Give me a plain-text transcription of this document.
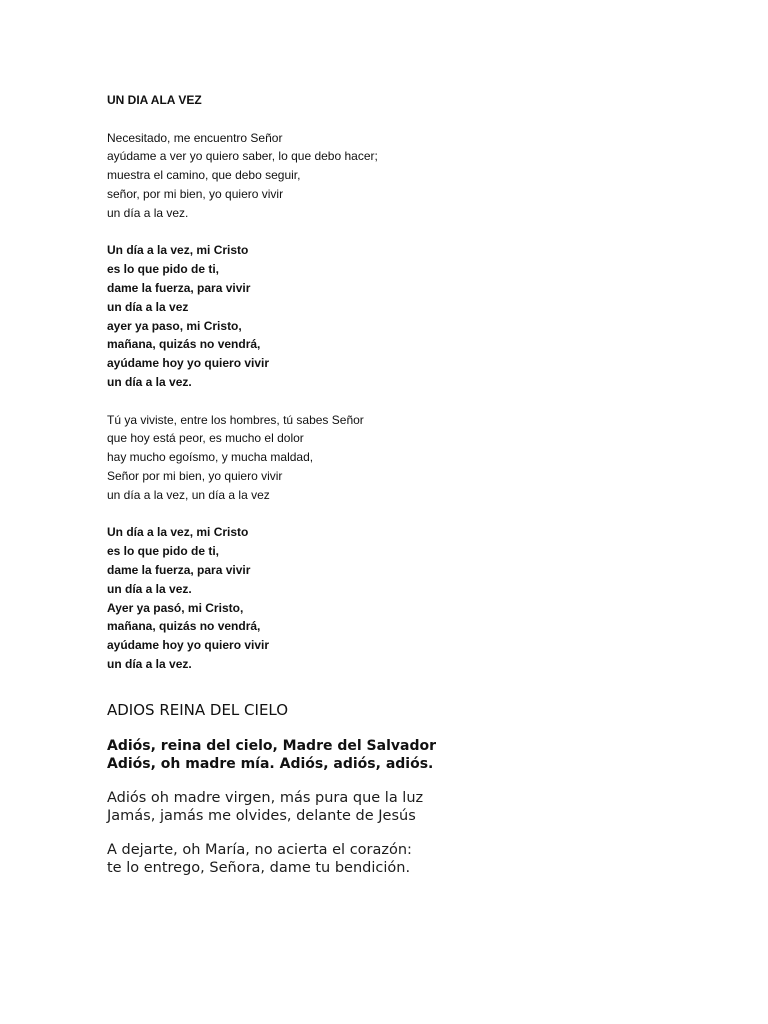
UN DIA ALA VEZ

Necesitado, me encuentro Señor
ayúdame a ver yo quiero saber, lo que debo hacer;
muestra el camino, que debo seguir,
señor, por mi bien, yo quiero vivir
un día a la vez.
Un día a la vez, mi Cristo
es lo que pido de ti,
dame la fuerza, para vivir
un día a la vez
ayer ya paso, mi Cristo,
mañana, quizás no vendrá,
ayúdame hoy yo quiero vivir
un día a la vez.
Tú ya viviste, entre los hombres, tú sabes Señor
que hoy está peor, es mucho el dolor
hay mucho egoísmo, y mucha maldad,
Señor por mi bien, yo quiero vivir
un día a la vez, un día a la vez
Un día a la vez, mi Cristo
es lo que pido de ti,
dame la fuerza, para vivir
un día a la vez.
Ayer ya pasó, mi Cristo,
mañana, quizás no vendrá,
ayúdame hoy yo quiero vivir
un día a la vez.

ADIOS REINA DEL CIELO

Adiós, reina del cielo, Madre del Salvador
Adiós, oh madre mía. Adiós, adiós, adiós.
Adiós oh madre virgen, más pura que la luz
Jamás, jamás me olvides, delante de Jesús
A dejarte, oh María, no acierta el corazón:
te lo entrego, Señora, dame tu bendición.
